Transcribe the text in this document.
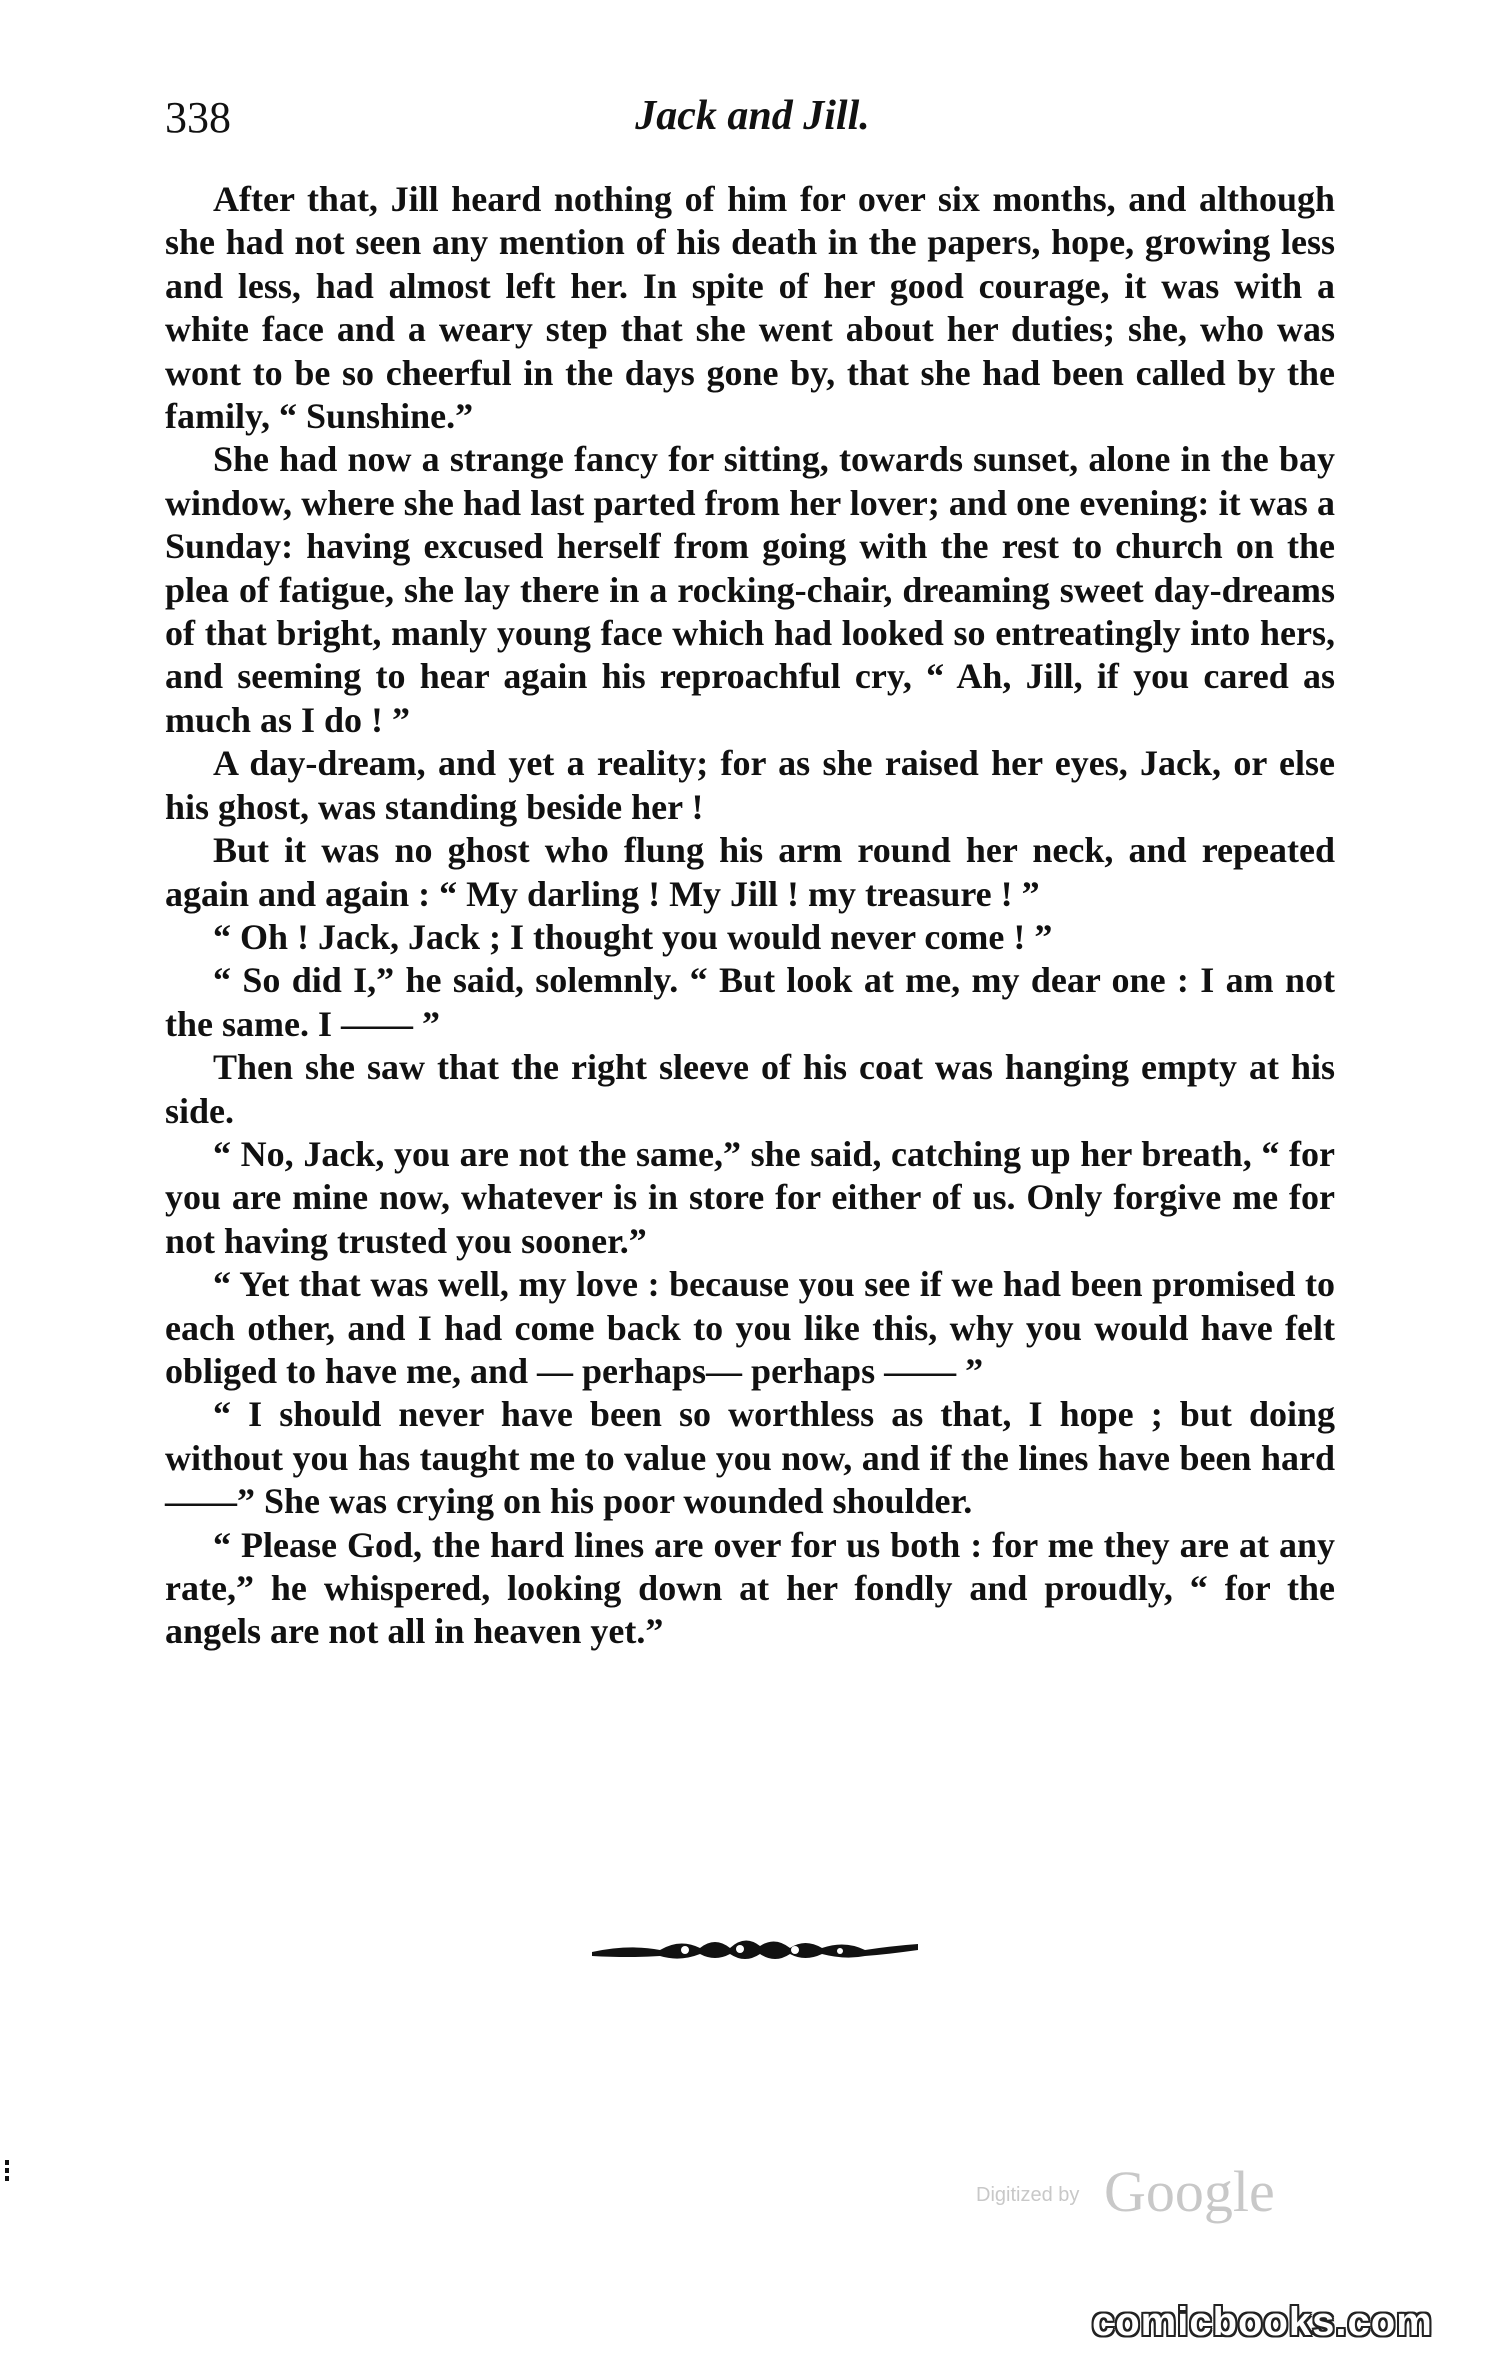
338	Jack and Jill.

After that, Jill heard nothing of him for over six months, and although she had not seen any mention of his death in the papers, hope, growing less and less, had almost left her. In spite of her good courage, it was with a white face and a weary step that she went about her duties; she, who was wont to be so cheerful in the days gone by, that she had been called by the family, “ Sunshine.”

She had now a strange fancy for sitting, towards sunset, alone in the bay window, where she had last parted from her lover; and one evening: it was a Sunday: having excused herself from going with the rest to church on the plea of fatigue, she lay there in a rocking-chair, dreaming sweet day-dreams of that bright, manly young face which had looked so entreatingly into hers, and seeming to hear again his reproachful cry, “ Ah, Jill, if you cared as much as I do ! ”

A day-dream, and yet a reality; for as she raised her eyes, Jack, or else his ghost, was standing beside her !

But it was no ghost who flung his arm round her neck, and repeated again and again : “ My darling ! My Jill ! my treasure ! ”

“ Oh ! Jack, Jack ; I thought you would never come ! ”

“ So did I,” he said, solemnly. “ But look at me, my dear one : I am not the same. I —— ”

Then she saw that the right sleeve of his coat was hanging empty at his side.

“ No, Jack, you are not the same,” she said, catching up her breath, “ for you are mine now, whatever is in store for either of us. Only forgive me for not having trusted you sooner.”

“ Yet that was well, my love : because you see if we had been promised to each other, and I had come back to you like this, why you would have felt obliged to have me, and — perhaps— perhaps —— ”

“ I should never have been so worthless as that, I hope ; but doing without you has taught me to value you now, and if the lines have been hard ——” She was crying on his poor wounded shoulder.

“ Please God, the hard lines are over for us both : for me they are at any rate,” he whispered, looking down at her fondly and proudly, “ for the angels are not all in heaven yet.”

Digitized by Google
comicbooks.com
